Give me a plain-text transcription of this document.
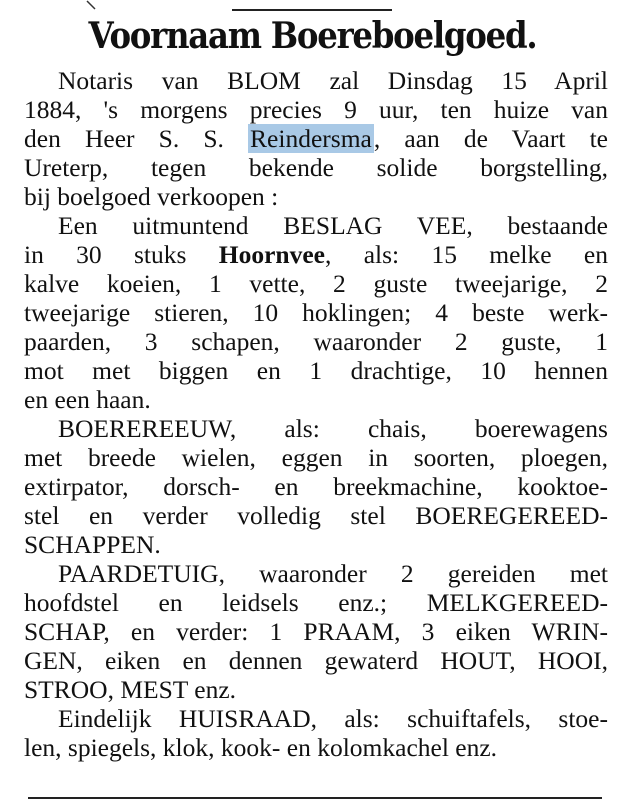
Voornaam Boereboelgoed.
Notaris van BLOM zal Dinsdag 15 April
1884, 's morgens precies 9 uur, ten huize van
den Heer S. S. Reindersma, aan de Vaart te
Ureterp, tegen bekende solide borgstelling,
bij boelgoed verkoopen :
Een uitmuntend BESLAG VEE, bestaande
in 30 stuks Hoornvee, als: 15 melke en
kalve koeien, 1 vette, 2 guste tweejarige, 2
tweejarige stieren, 10 hoklingen; 4 beste werk-
paarden, 3 schapen, waaronder 2 guste, 1
mot met biggen en 1 drachtige, 10 hennen
en een haan.
BOEREREEUW, als: chais, boerewagens
met breede wielen, eggen in soorten, ploegen,
extirpator, dorsch- en breekmachine, kooktoe-
stel en verder volledig stel BOEREGEREED-
SCHAPPEN.
PAARDETUIG, waaronder 2 gereiden met
hoofdstel en leidsels enz.; MELKGEREED-
SCHAP, en verder: 1 PRAAM, 3 eiken WRIN-
GEN, eiken en dennen gewaterd HOUT, HOOI,
STROO, MEST enz.
Eindelijk HUISRAAD, als: schuiftafels, stoe-
len, spiegels, klok, kook- en kolomkachel enz.
